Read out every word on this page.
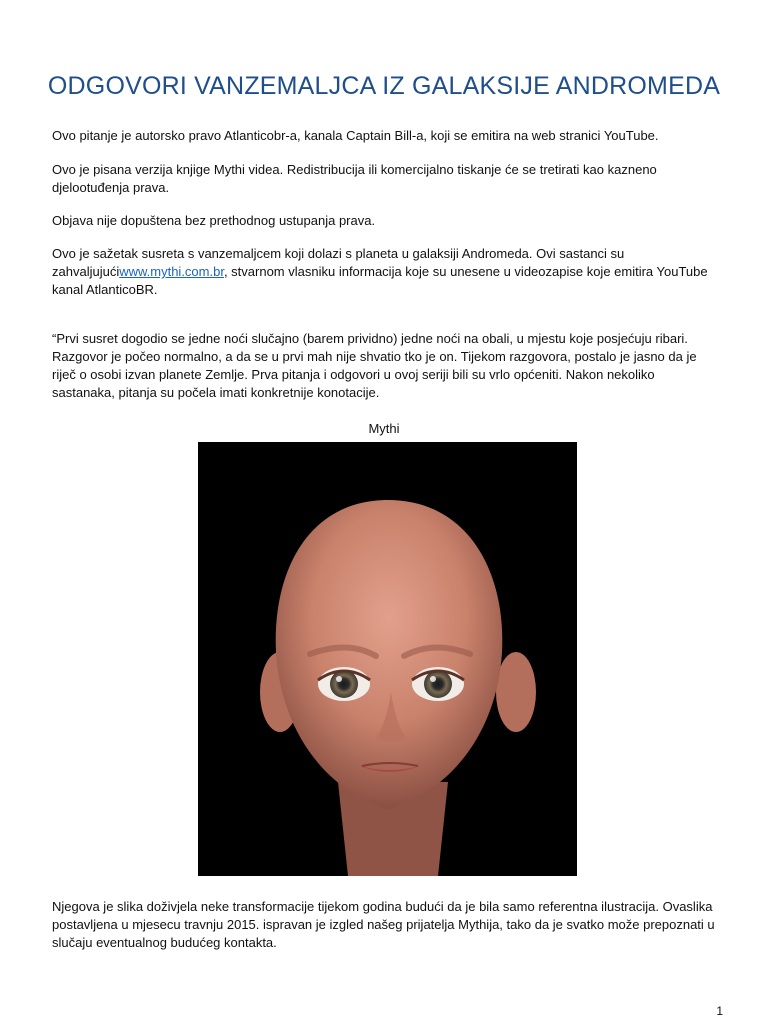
ODGOVORI VANZEMALJCA IZ GALAKSIJE ANDROMEDA

Ovo pitanje je autorsko pravo Atlanticobr-a, kanala Captain Bill-a, koji se emitira na web stranici YouTube.

Ovo je pisana verzija knjige Mythi videa. Redistribucija ili komercijalno tiskanje će se tretirati kao kazneno djelootuđenja prava.

Objava nije dopuštena bez prethodnog ustupanja prava.

Ovo je sažetak susreta s vanzemaljcem koji dolazi s planeta u galaksiji Andromeda. Ovi sastanci su zahvaljujućiwww.mythi.com.br, stvarnom vlasniku informacija koje su unesene u videozapise koje emitira YouTube kanal AtlanticoBR.

“Prvi susret dogodio se jedne noći slučajno (barem prividno) jedne noći na obali, u mjestu koje posjećuju ribari. Razgovor je počeo normalno, a da se u prvi mah nije shvatio tko je on. Tijekom razgovora, postalo je jasno da je riječ o osobi izvan planete Zemlje. Prva pitanja i odgovori u ovoj seriji bili su vrlo općeniti. Nakon nekoliko sastanaka, pitanja su počela imati konkretnije konotacije.

Mythi

Njegova je slika doživjela neke transformacije tijekom godina budući da je bila samo referentna ilustracija. Ovaslika postavljena u mjesecu travnju 2015. ispravan je izgled našeg prijatelja Mythija, tako da je svatko može prepoznati u slučaju eventualnog budućeg kontakta.

1
